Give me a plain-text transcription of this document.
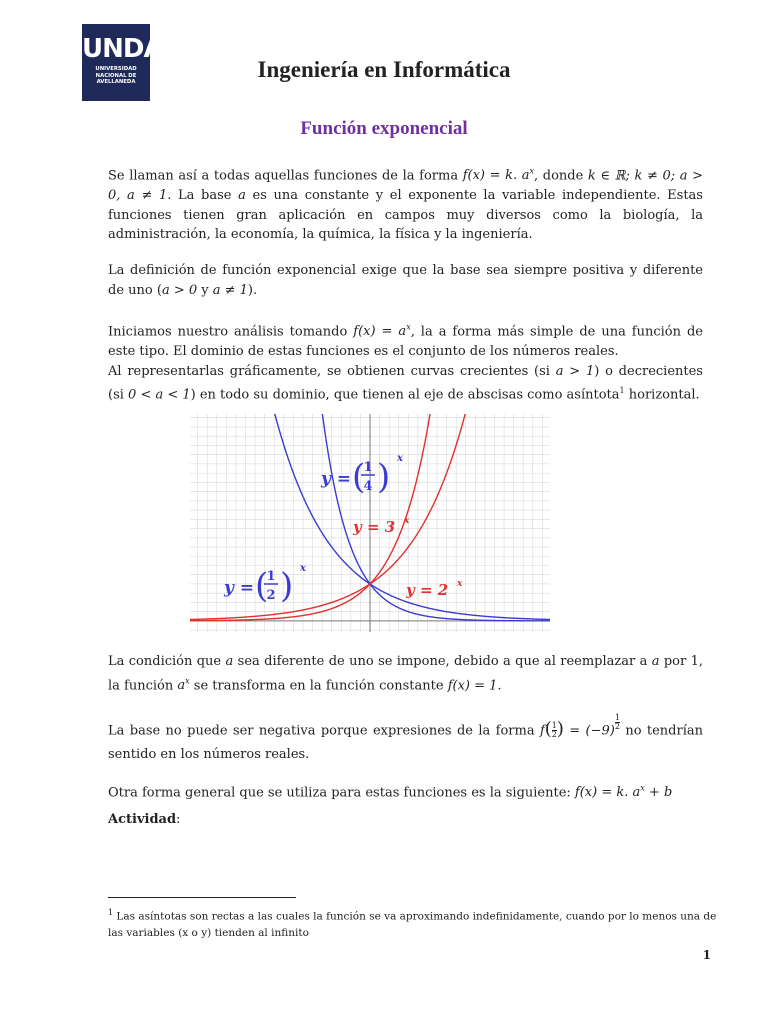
UNDAV
UNIVERSIDAD
NACIONAL DE
AVELLANEDA	Ingeniería en Informática
Función exponencial
Se llaman así a todas aquellas funciones de la forma f(x) = k. $a^x$, donde k ∈ ℝ; k ≠ 0; a > 0, a ≠ 1. La base a es una constante y el exponente la variable independiente. Estas funciones tienen gran aplicación en campos muy diversos como la biología, la administración, la economía, la química, la física y la ingeniería.
La definición de función exponencial exige que la base sea siempre positiva y diferente de uno (a > 0 y a ≠ 1).
Iniciamos nuestro análisis tomando $f(x) = a^x$, la a forma más simple de una función de este tipo. El dominio de estas funciones es el conjunto de los números reales.
Al representarlas gráficamente, se obtienen curvas crecientes (si a > 1) o decrecientes (si 0 < a < 1) en todo su dominio, que tienen al eje de abscisas como asíntota$^1$ horizontal.
y = (
1
4 ) x
y = 3 x
y = (
1
2 ) x
y = 2 x
La condición que a sea diferente de uno se impone, debido a que al reemplazar a a por 1, la función $a^x$ se transforma en la función constante f(x) = 1.
La base no puede ser negativa porque expresiones de la forma $f( \frac{1}{2}$ ) = $(-9) \frac{1}{2}$ no tendrían sentido en los números reales.
Otra forma general que se utiliza para estas funciones es la siguiente: f(x) = k. $a^x + b$
Actividad:
$^1$ Las asíntotas son rectas a las cuales la función se va aproximando indefinidamente, cuando por lo menos una de las variables (x o y) tienden al infinito
1
